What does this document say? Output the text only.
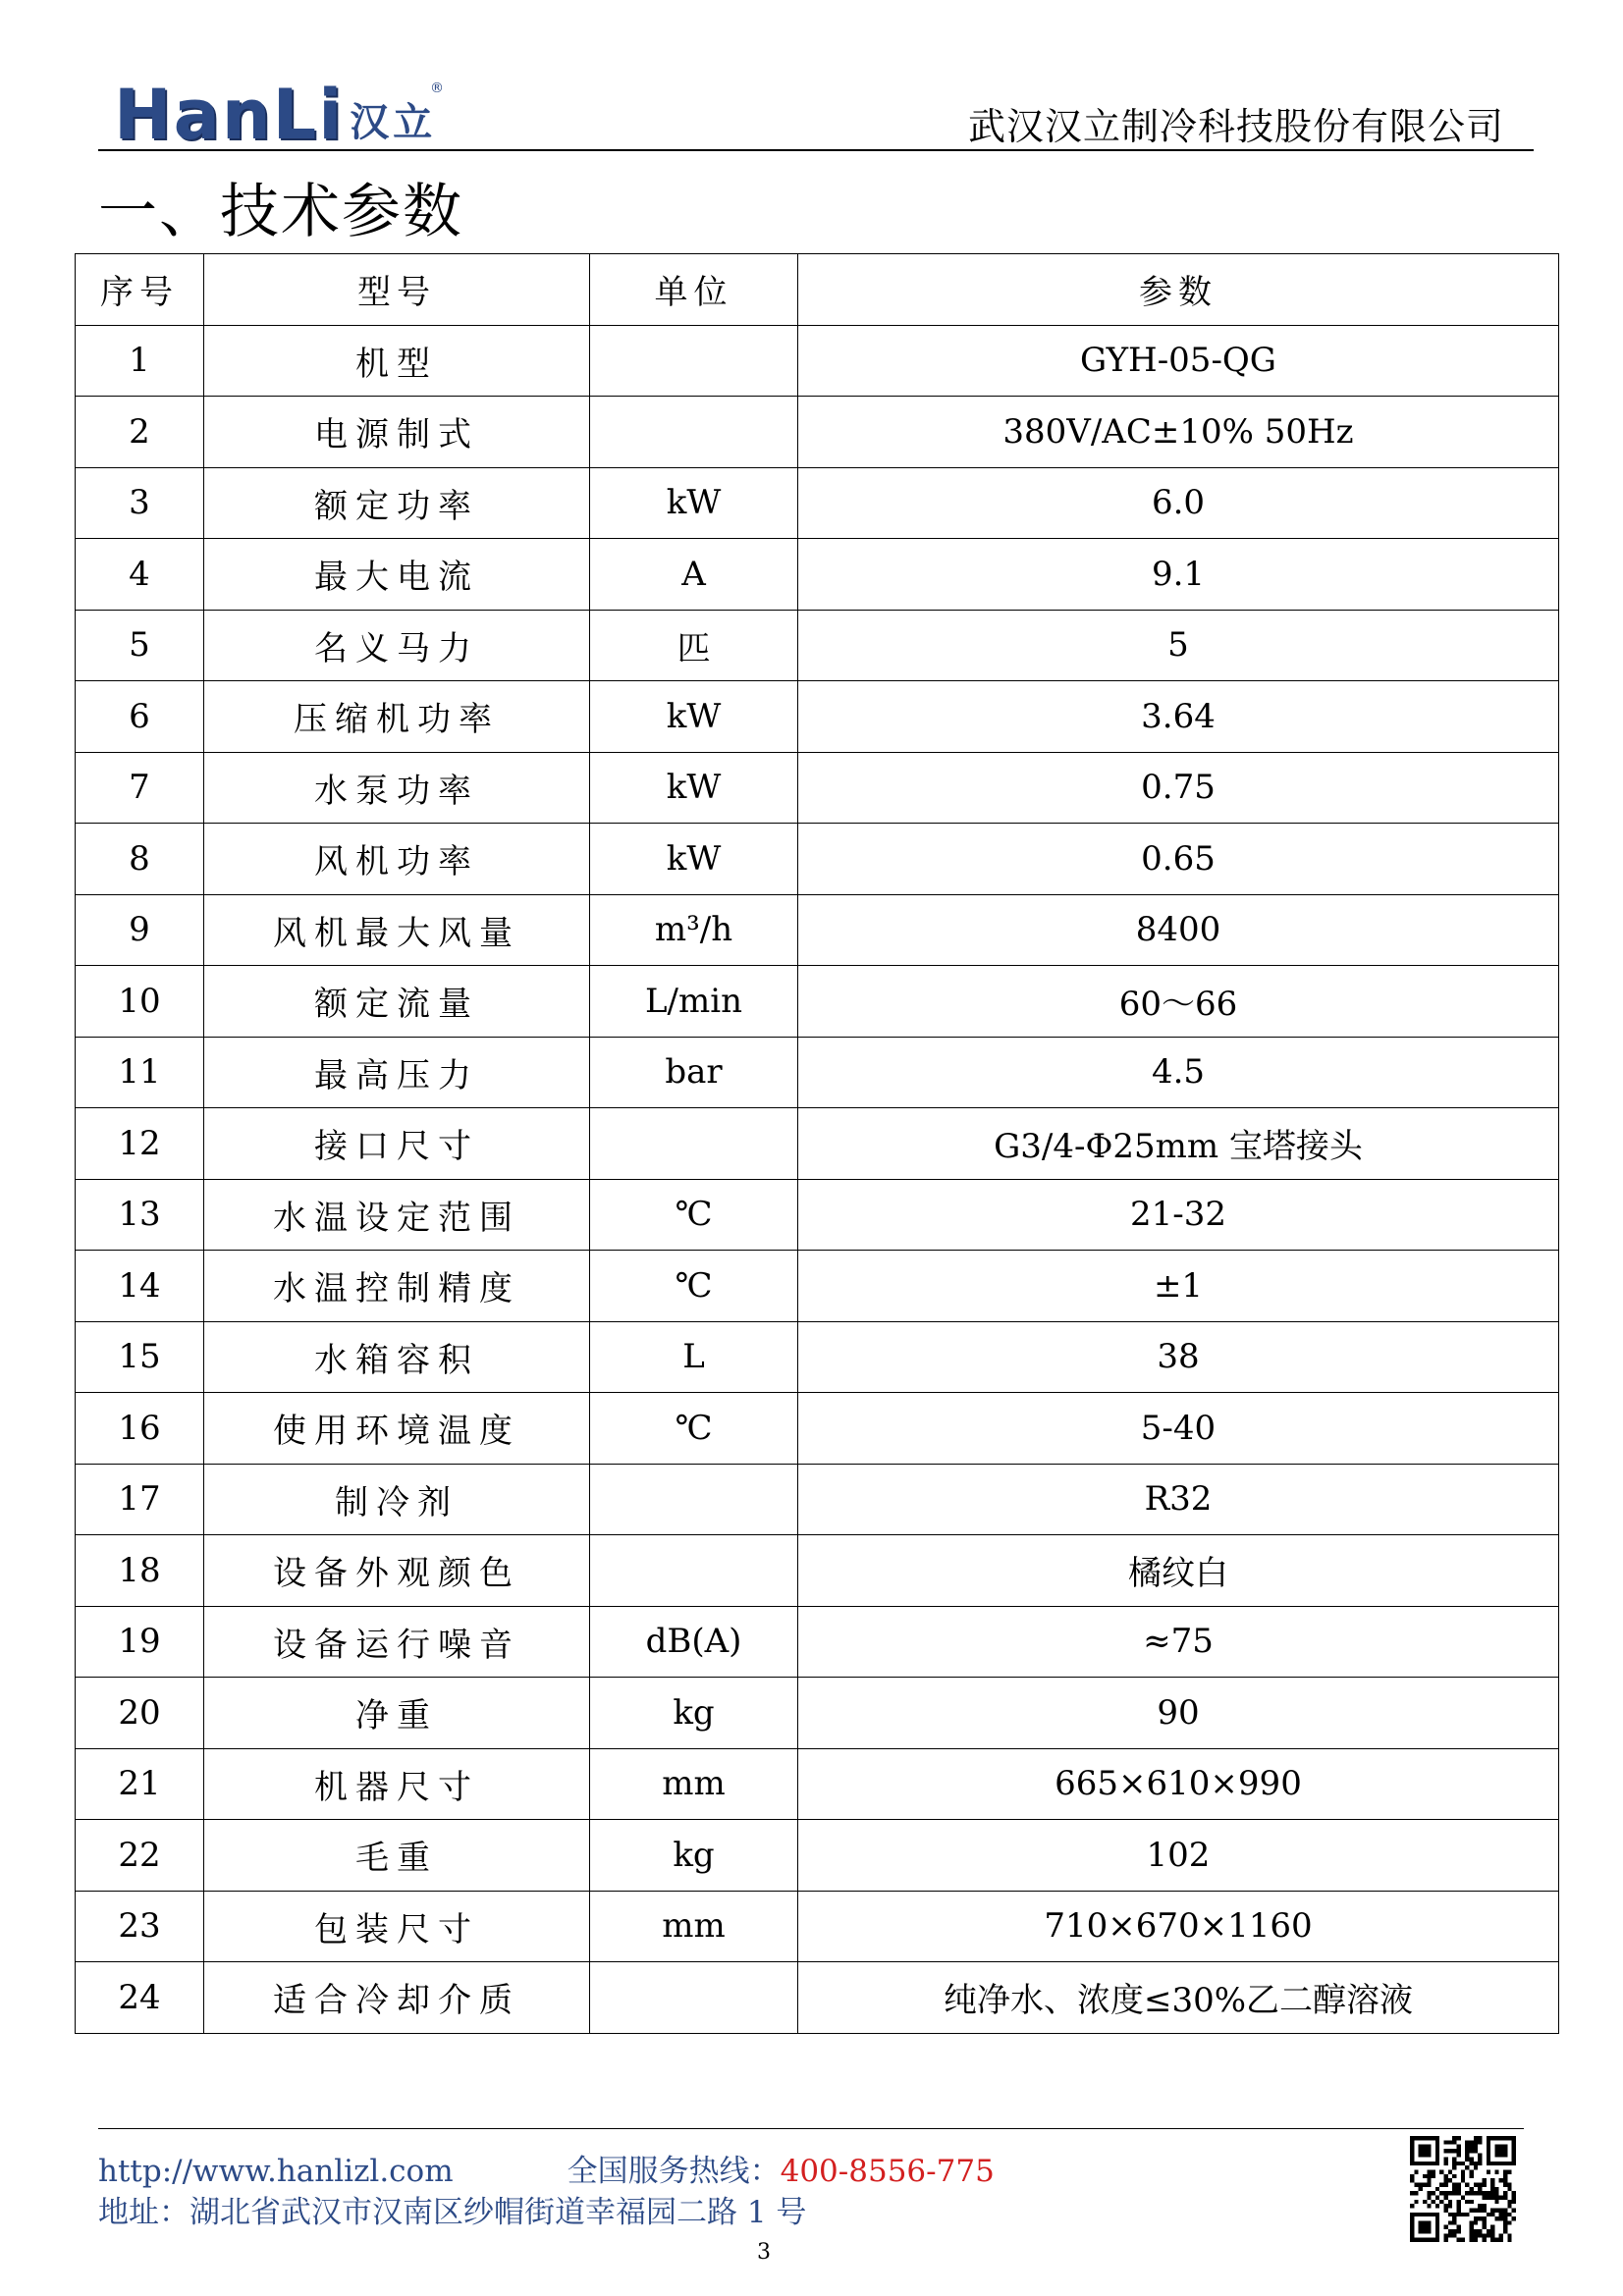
HanLi 汉立
®
武汉汉立制冷科技股份有限公司
一、技术参数
序号	型号	单位	参数
1	机型		GYH-05-QG
2	电源制式		380V/AC±10% 50Hz
3	额定功率	kW	6.0
4	最大电流	A	9.1
5	名义马力	匹	5
6	压缩机功率	kW	3.64
7	水泵功率	kW	0.75
8	风机功率	kW	0.65
9	风机最大风量	m³/h	8400
10	额定流量	L/min	60～66
11	最高压力	bar	4.5
12	接口尺寸		G3/4-Φ25mm 宝塔接头
13	水温设定范围	℃	21-32
14	水温控制精度	℃	±1
15	水箱容积	L	38
16	使用环境温度	℃	5-40
17	制冷剂		R32
18	设备外观颜色		橘纹白
19	设备运行噪音	dB(A)	≈75
20	净重	kg	90
21	机器尺寸	mm	665×610×990
22	毛重	kg	102
23	包装尺寸	mm	710×670×1160
24	适合冷却介质		纯净水、浓度≤30%乙二醇溶液
http://www.hanlizl.com	全国服务热线：400-8556-775
地址：湖北省武汉市汉南区纱帽街道幸福园二路 1 号
3
